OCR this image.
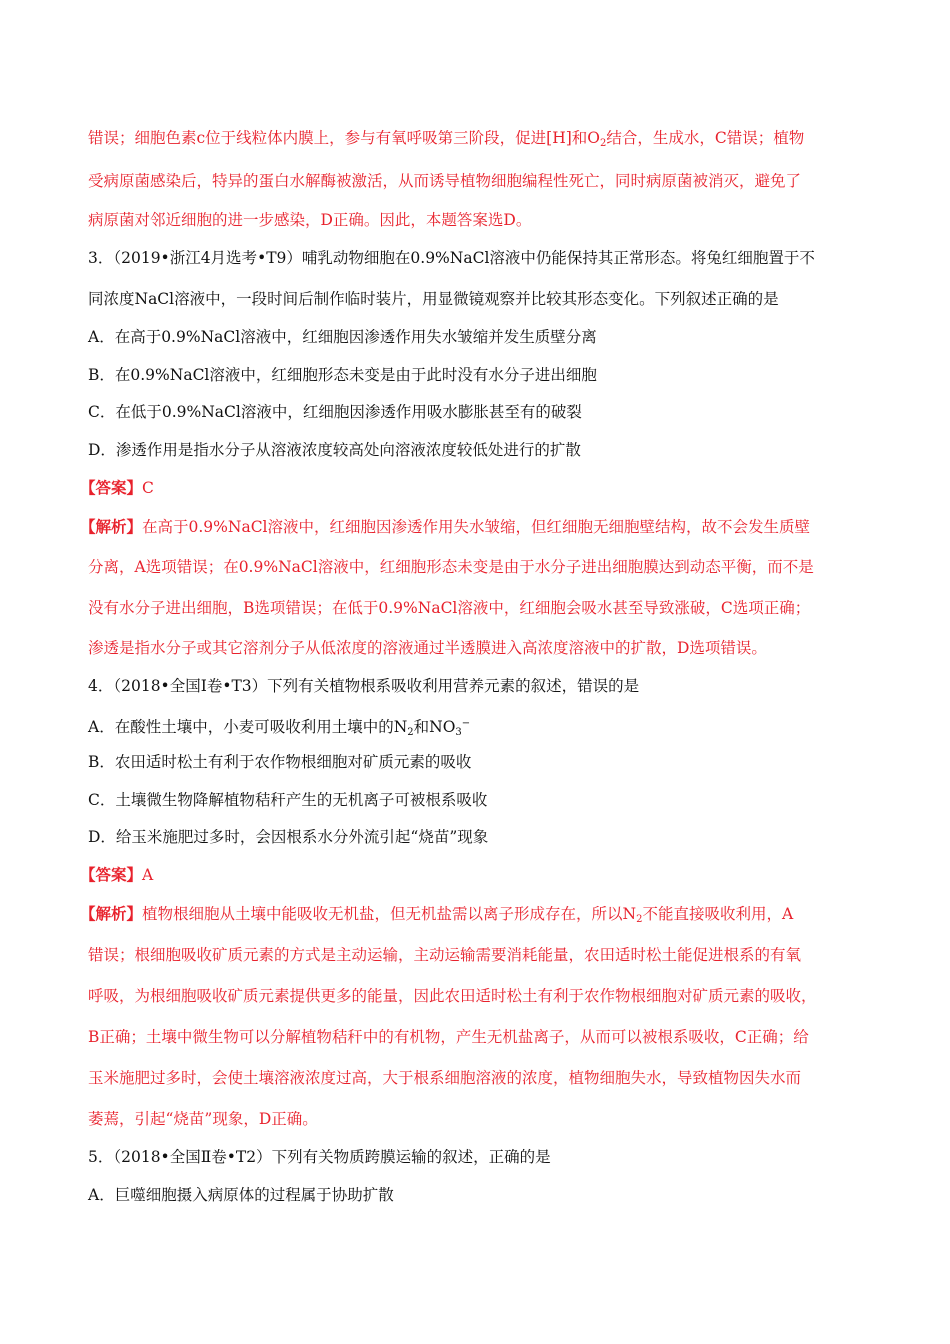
错误；细胞色素c位于线粒体内膜上，参与有氧呼吸第三阶段，促进[H]和$O_2$结合，生成水，C错误；植物
受病原菌感染后，特异的蛋白水解酶被激活，从而诱导植物细胞编程性死亡，同时病原菌被消灭，避免了
病原菌对邻近细胞的进一步感染，D正确。因此，本题答案选D。
3．（2019•浙江4月选考•T9）哺乳动物细胞在0.9%NaCl溶液中仍能保持其正常形态。将兔红细胞置于不
同浓度NaCl溶液中，一段时间后制作临时装片，用显微镜观察并比较其形态变化。下列叙述正确的是
A．在高于0.9%NaCl溶液中，红细胞因渗透作用失水皱缩并发生质壁分离
B．在0.9%NaCl溶液中，红细胞形态未变是由于此时没有水分子进出细胞
C．在低于0.9%NaCl溶液中，红细胞因渗透作用吸水膨胀甚至有的破裂
D．渗透作用是指水分子从溶液浓度较高处向溶液浓度较低处进行的扩散
【答案】C
【解析】在高于0.9%NaCl溶液中，红细胞因渗透作用失水皱缩，但红细胞无细胞壁结构，故不会发生质壁
分离，A选项错误；在0.9%NaCl溶液中，红细胞形态未变是由于水分子进出细胞膜达到动态平衡，而不是
没有水分子进出细胞，B选项错误；在低于0.9%NaCl溶液中，红细胞会吸水甚至导致涨破，C选项正确；
渗透是指水分子或其它溶剂分子从低浓度的溶液通过半透膜进入高浓度溶液中的扩散，D选项错误。
4．（2018•全国Ⅰ卷•T3）下列有关植物根系吸收利用营养元素的叙述，错误的是
A．在酸性土壤中，小麦可吸收利用土壤中的$N_2$和$NO_3^-$
B．农田适时松土有利于农作物根细胞对矿质元素的吸收
C．土壤微生物降解植物秸秆产生的无机离子可被根系吸收
D．给玉米施肥过多时，会因根系水分外流引起“烧苗”现象
【答案】A
【解析】植物根细胞从土壤中能吸收无机盐，但无机盐需以离子形成存在，所以$N_2$不能直接吸收利用，A
错误；根细胞吸收矿质元素的方式是主动运输，主动运输需要消耗能量，农田适时松土能促进根系的有氧
呼吸，为根细胞吸收矿质元素提供更多的能量，因此农田适时松土有利于农作物根细胞对矿质元素的吸收，
B正确；土壤中微生物可以分解植物秸秆中的有机物，产生无机盐离子，从而可以被根系吸收，C正确；给
玉米施肥过多时，会使土壤溶液浓度过高，大于根系细胞溶液的浓度，植物细胞失水，导致植物因失水而
萎蔫，引起“烧苗”现象，D正确。
5．（2018•全国Ⅱ卷•T2）下列有关物质跨膜运输的叙述，正确的是
A．巨噬细胞摄入病原体的过程属于协助扩散
